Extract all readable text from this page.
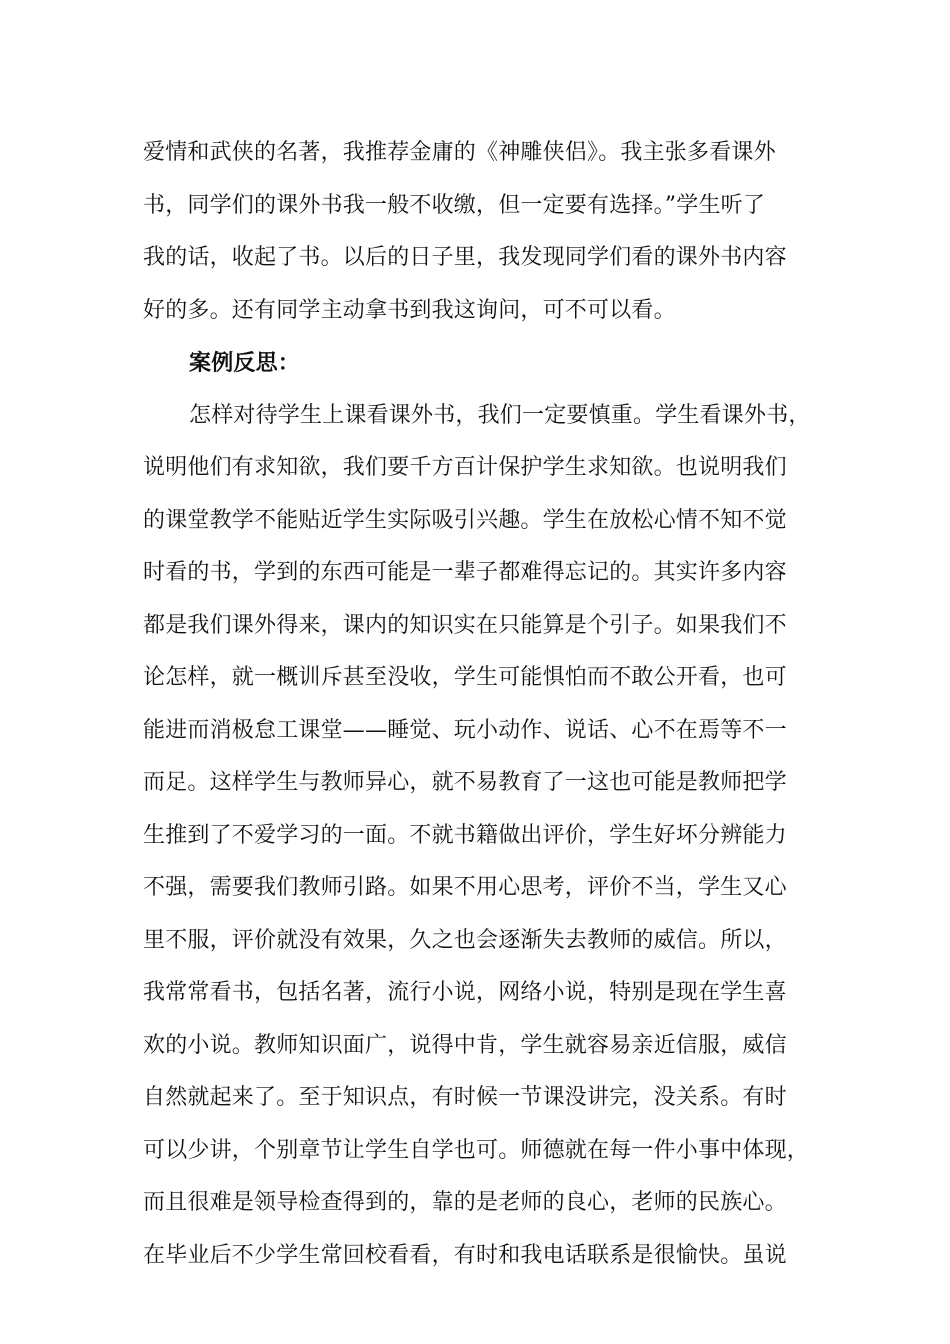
爱情和武侠的名著，我推荐金庸的《神雕侠侣》。我主张多看课外
书，同学们的课外书我一般不收缴，但一定要有选择。”学生听了
我的话，收起了书。以后的日子里，我发现同学们看的课外书内容
好的多。还有同学主动拿书到我这询问，可不可以看。
案例反思：
怎样对待学生上课看课外书，我们一定要慎重。学生看课外书，
说明他们有求知欲，我们要千方百计保护学生求知欲。也说明我们
的课堂教学不能贴近学生实际吸引兴趣。学生在放松心情不知不觉
时看的书，学到的东西可能是一辈子都难得忘记的。其实许多内容
都是我们课外得来，课内的知识实在只能算是个引子。如果我们不
论怎样，就一概训斥甚至没收，学生可能惧怕而不敢公开看，也可
能进而消极怠工课堂——睡觉、玩小动作、说话、心不在焉等不一
而足。这样学生与教师异心，就不易教育了一这也可能是教师把学
生推到了不爱学习的一面。不就书籍做出评价，学生好坏分辨能力
不强，需要我们教师引路。如果不用心思考，评价不当，学生又心
里不服，评价就没有效果，久之也会逐渐失去教师的威信。所以，
我常常看书，包括名著，流行小说，网络小说，特别是现在学生喜
欢的小说。教师知识面广，说得中肯，学生就容易亲近信服，威信
自然就起来了。至于知识点，有时候一节课没讲完，没关系。有时
可以少讲，个别章节让学生自学也可。师德就在每一件小事中体现，
而且很难是领导检查得到的，靠的是老师的良心，老师的民族心。
在毕业后不少学生常回校看看，有时和我电话联系是很愉快。虽说
